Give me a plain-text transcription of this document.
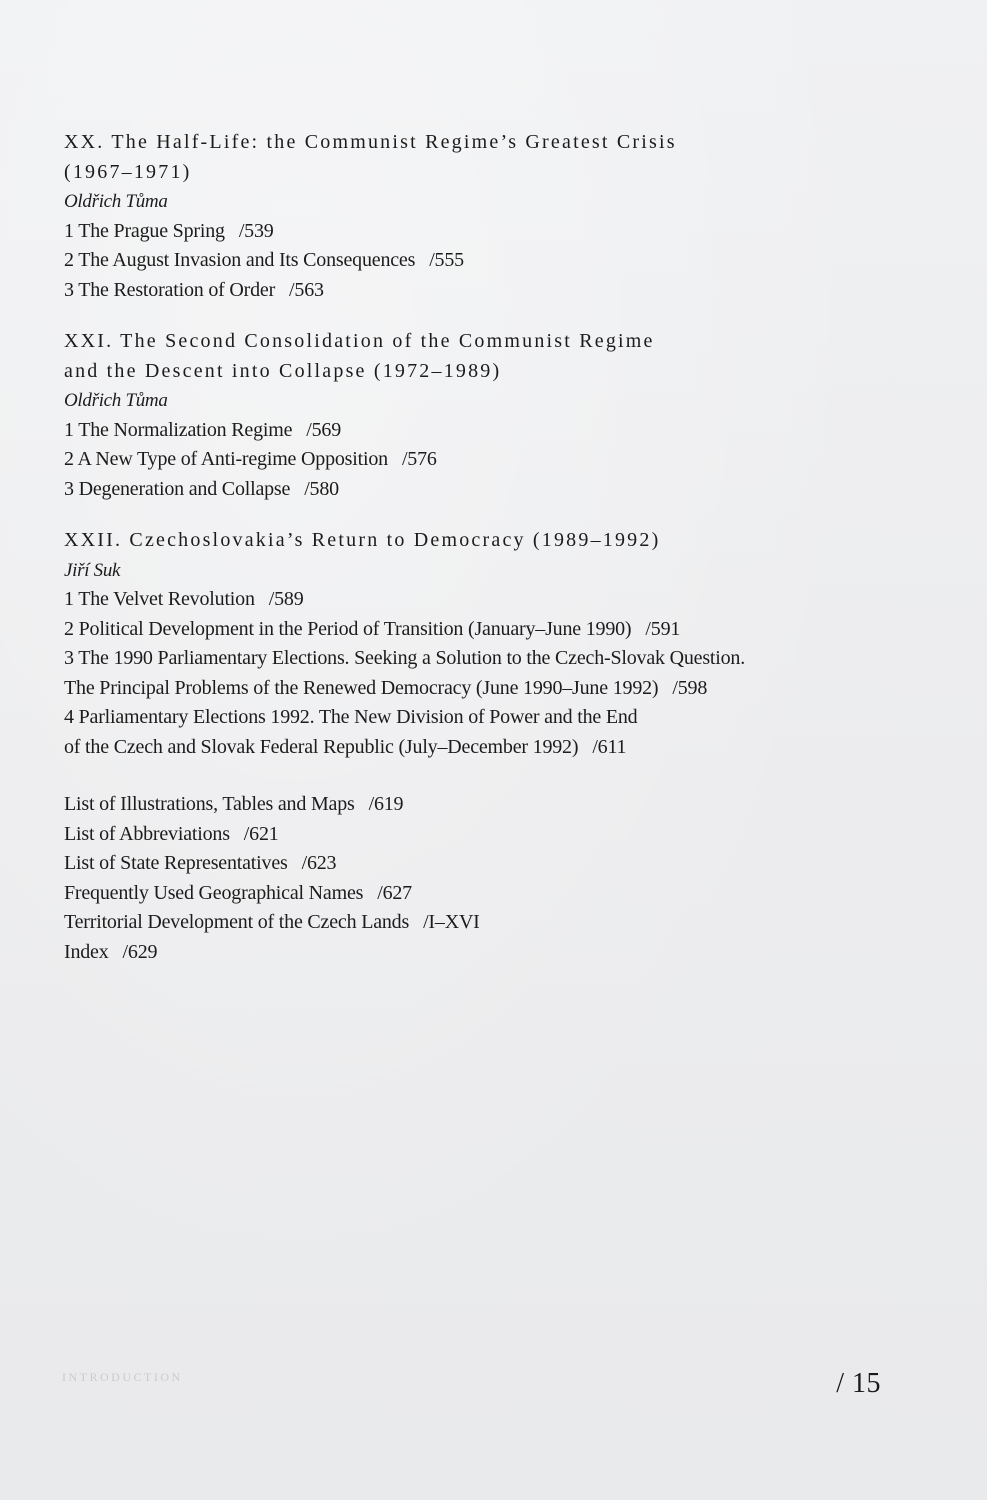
XX. The Half-Life: the Communist Regime’s Greatest Crisis
(1967–1971)
Oldřich Tůma
1 The Prague Spring /539
2 The August Invasion and Its Consequences /555
3 The Restoration of Order /563
XXI. The Second Consolidation of the Communist Regime
and the Descent into Collapse (1972–1989)
Oldřich Tůma
1 The Normalization Regime /569
2 A New Type of Anti-regime Opposition /576
3 Degeneration and Collapse /580
XXII. Czechoslovakia’s Return to Democracy (1989–1992)
Jiří Suk
1 The Velvet Revolution /589
2 Political Development in the Period of Transition (January–June 1990) /591
3 The 1990 Parliamentary Elections. Seeking a Solution to the Czech-Slovak Question.
The Principal Problems of the Renewed Democracy (June 1990–June 1992) /598
4 Parliamentary Elections 1992. The New Division of Power and the End
of the Czech and Slovak Federal Republic (July–December 1992) /611
List of Illustrations, Tables and Maps /619
List of Abbreviations /621
List of State Representatives /623
Frequently Used Geographical Names /627
Territorial Development of the Czech Lands /I–XVI
Index /629
INTRODUCTION	/ 15
